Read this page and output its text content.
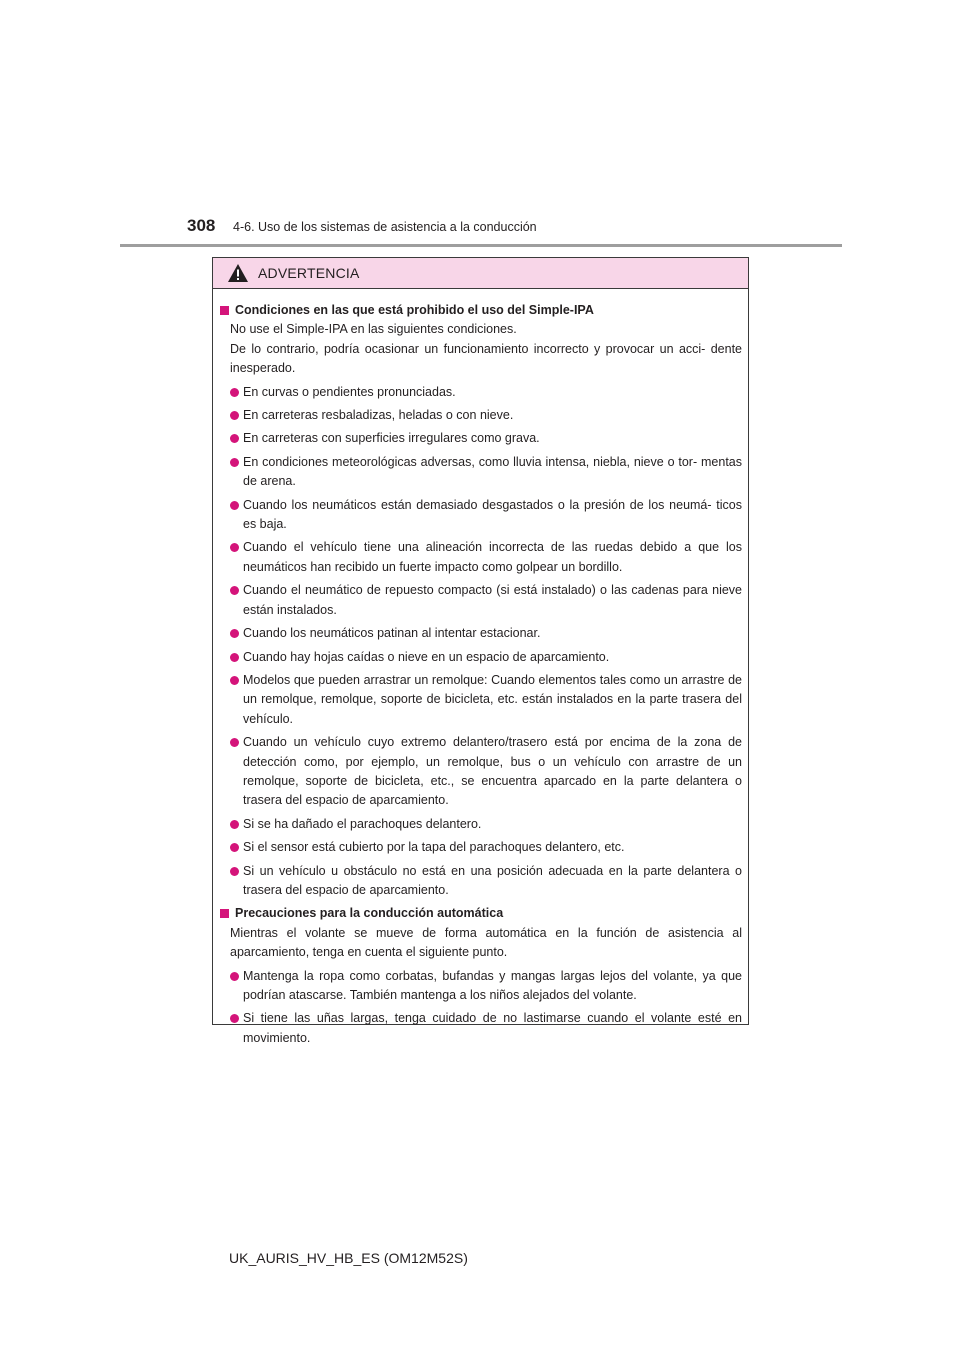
308 4-6. Uso de los sistemas de asistencia a la conducción
ADVERTENCIA
Condiciones en las que está prohibido el uso del Simple-IPA
No use el Simple-IPA en las siguientes condiciones.
De lo contrario, podría ocasionar un funcionamiento incorrecto y provocar un acci- dente inesperado.
En curvas o pendientes pronunciadas.
En carreteras resbaladizas, heladas o con nieve.
En carreteras con superficies irregulares como grava.
En condiciones meteorológicas adversas, como lluvia intensa, niebla, nieve o tor- mentas de arena.
Cuando los neumáticos están demasiado desgastados o la presión de los neumá- ticos es baja.
Cuando el vehículo tiene una alineación incorrecta de las ruedas debido a que los neumáticos han recibido un fuerte impacto como golpear un bordillo.
Cuando el neumático de repuesto compacto (si está instalado) o las cadenas para nieve están instalados.
Cuando los neumáticos patinan al intentar estacionar.
Cuando hay hojas caídas o nieve en un espacio de aparcamiento.
Modelos que pueden arrastrar un remolque: Cuando elementos tales como un arrastre de un remolque, remolque, soporte de bicicleta, etc. están instalados en la parte trasera del vehículo.
Cuando un vehículo cuyo extremo delantero/trasero está por encima de la zona de detección como, por ejemplo, un remolque, bus o un vehículo con arrastre de un remolque, soporte de bicicleta, etc., se encuentra aparcado en la parte delantera o trasera del espacio de aparcamiento.
Si se ha dañado el parachoques delantero.
Si el sensor está cubierto por la tapa del parachoques delantero, etc.
Si un vehículo u obstáculo no está en una posición adecuada en la parte delantera o trasera del espacio de aparcamiento.
Precauciones para la conducción automática
Mientras el volante se mueve de forma automática en la función de asistencia al aparcamiento, tenga en cuenta el siguiente punto.
Mantenga la ropa como corbatas, bufandas y mangas largas lejos del volante, ya que podrían atascarse. También mantenga a los niños alejados del volante.
Si tiene las uñas largas, tenga cuidado de no lastimarse cuando el volante esté en movimiento.
UK_AURIS_HV_HB_ES (OM12M52S)
